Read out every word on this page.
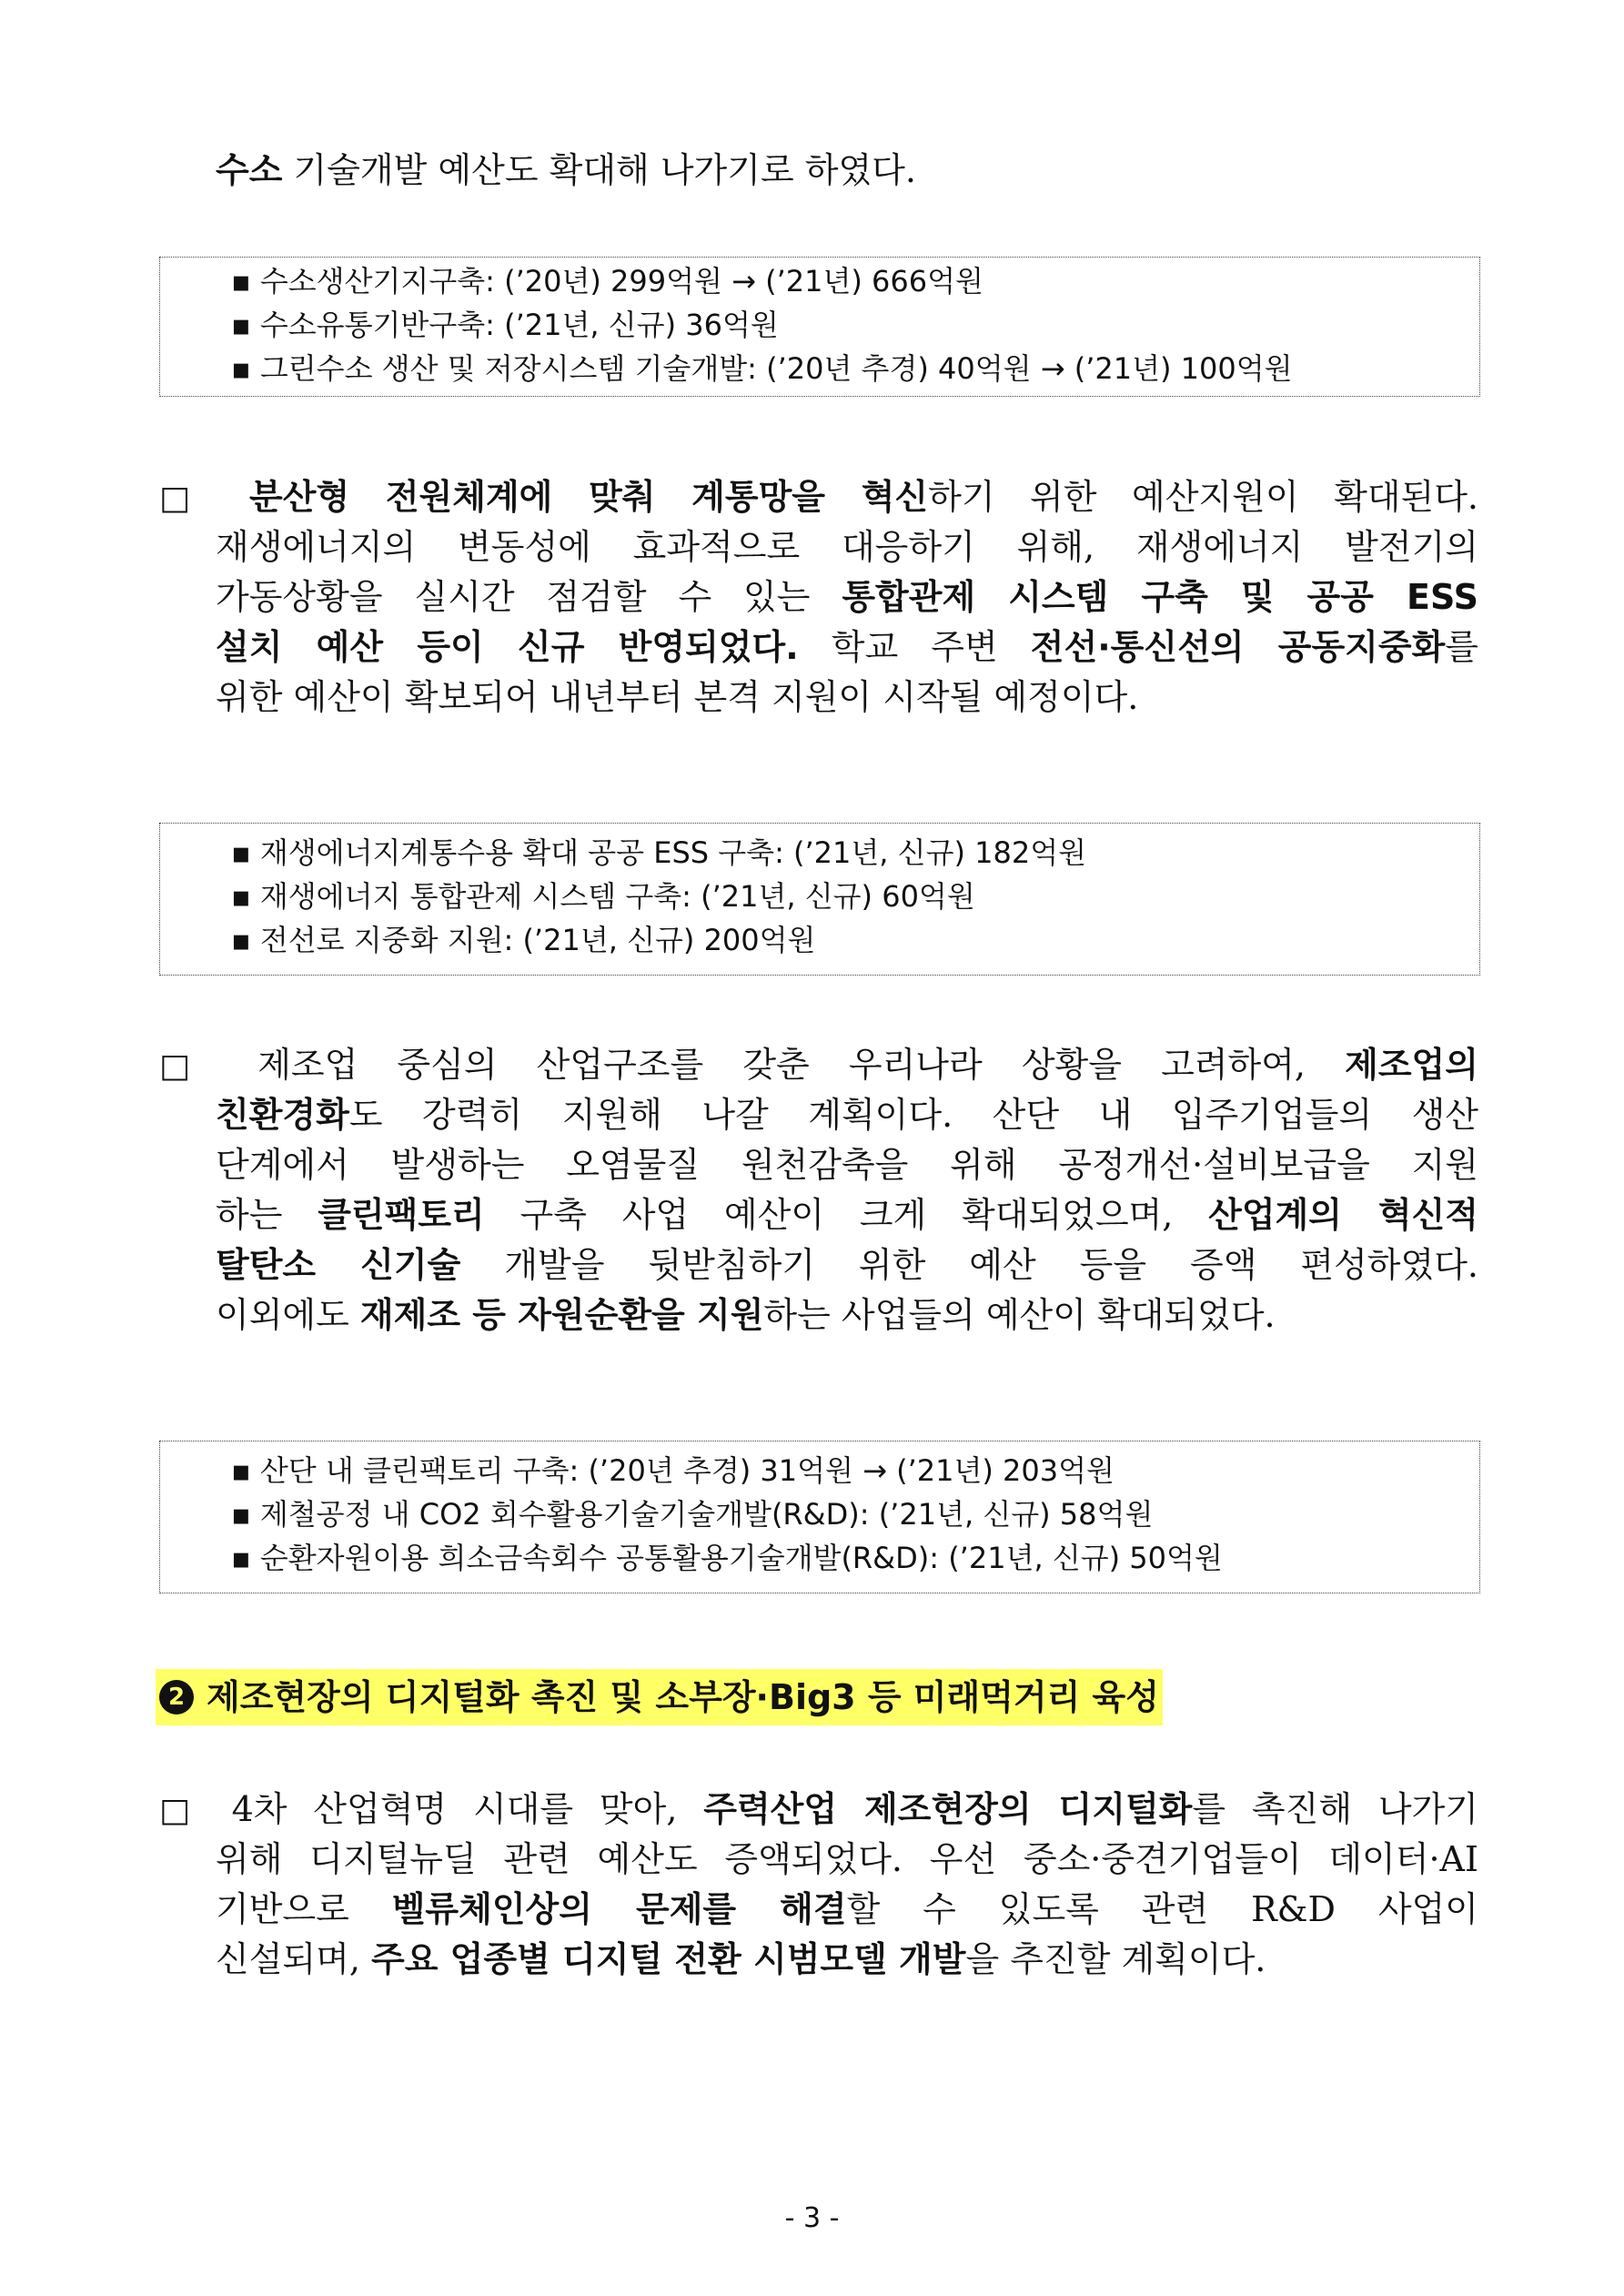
수소 기술개발 예산도 확대해 나가기로 하였다.
▪ 수소생산기지구축: (’20년) 299억원 → (’21년) 666억원
▪ 수소유통기반구축: (’21년, 신규) 36억원
▪ 그린수소 생산 및 저장시스템 기술개발: (’20년 추경) 40억원 → (’21년) 100억원
□ 분산형 전원체계에 맞춰 계통망을 혁신하기 위한 예산지원이 확대된다.
재생에너지의 변동성에 효과적으로 대응하기 위해, 재생에너지 발전기의
가동상황을 실시간 점검할 수 있는 통합관제 시스템 구축 및 공공 ESS
설치 예산 등이 신규 반영되었다. 학교 주변 전선·통신선의 공동지중화를
위한 예산이 확보되어 내년부터 본격 지원이 시작될 예정이다.
▪ 재생에너지계통수용 확대 공공 ESS 구축: (’21년, 신규) 182억원
▪ 재생에너지 통합관제 시스템 구축: (’21년, 신규) 60억원
▪ 전선로 지중화 지원: (’21년, 신규) 200억원
□ 제조업 중심의 산업구조를 갖춘 우리나라 상황을 고려하여, 제조업의
친환경화도 강력히 지원해 나갈 계획이다. 산단 내 입주기업들의 생산
단계에서 발생하는 오염물질 원천감축을 위해 공정개선·설비보급을 지원
하는 클린팩토리 구축 사업 예산이 크게 확대되었으며, 산업계의 혁신적
탈탄소 신기술 개발을 뒷받침하기 위한 예산 등을 증액 편성하였다.
이외에도 재제조 등 자원순환을 지원하는 사업들의 예산이 확대되었다.
▪ 산단 내 클린팩토리 구축: (’20년 추경) 31억원 → (’21년) 203억원
▪ 제철공정 내 CO2 회수활용기술기술개발(R&D): (’21년, 신규) 58억원
▪ 순환자원이용 희소금속회수 공통활용기술개발(R&D): (’21년, 신규) 50억원
2 제조현장의 디지털화 촉진 및 소부장·Big3 등 미래먹거리 육성
□ 4차 산업혁명 시대를 맞아, 주력산업 제조현장의 디지털화를 촉진해 나가기
위해 디지털뉴딜 관련 예산도 증액되었다. 우선 중소·중견기업들이 데이터·AI
기반으로 벨류체인상의 문제를 해결할 수 있도록 관련 R&D 사업이
신설되며, 주요 업종별 디지털 전환 시범모델 개발을 추진할 계획이다.
- 3 -
